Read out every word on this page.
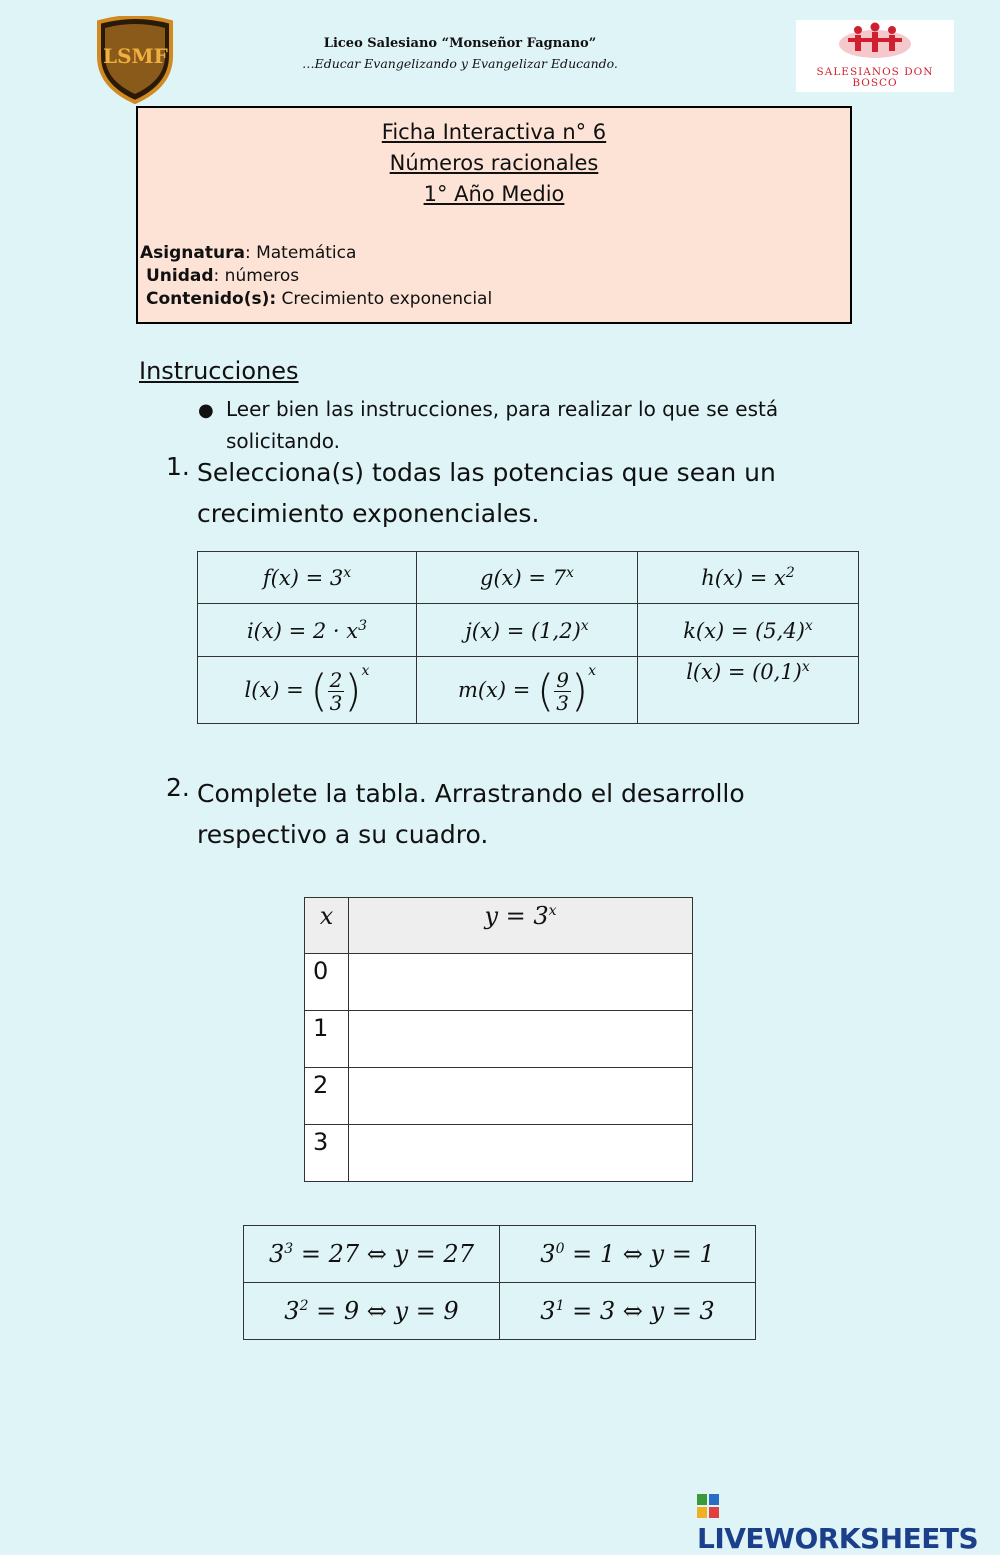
LSMF
Liceo Salesiano “Monseñor Fagnano”
…Educar Evangelizando y Evangelizar Educando.
SALESIANOS DON BOSCO
Ficha Interactiva n° 6
Números racionales
1° Año Medio
Asignatura: Matemática
Unidad: números
Contenido(s): Crecimiento exponencial
Instrucciones
● Leer bien las instrucciones, para realizar lo que se está solicitando.
1. Selecciona(s) todas las potencias que sean un crecimiento exponenciales.
$f(x) = 3^x$	$g(x) = 7^x$	$h(x) = x^2$
$i(x) = 2 \cdot x^3$	$j(x) = (1,2)^x$	$k(x) = (5,4)^x$
l(x) = ( $\frac{2}{3} )^x$	m(x) = ( $\frac{9}{3} )^x$	$l(x) = (0,1)^x$
2. Complete la tabla. Arrastrando el desarrollo respectivo a su cuadro.
x	$y = 3^x$
0	
1	
2	
3	
$3^3 = 27$ ⇔ y = 27	$3^0 = 1$ ⇔ y = 1
$3^2 = 9$ ⇔ y = 9	$3^1 = 3$ ⇔ y = 3
LIVEWORKSHEETS
